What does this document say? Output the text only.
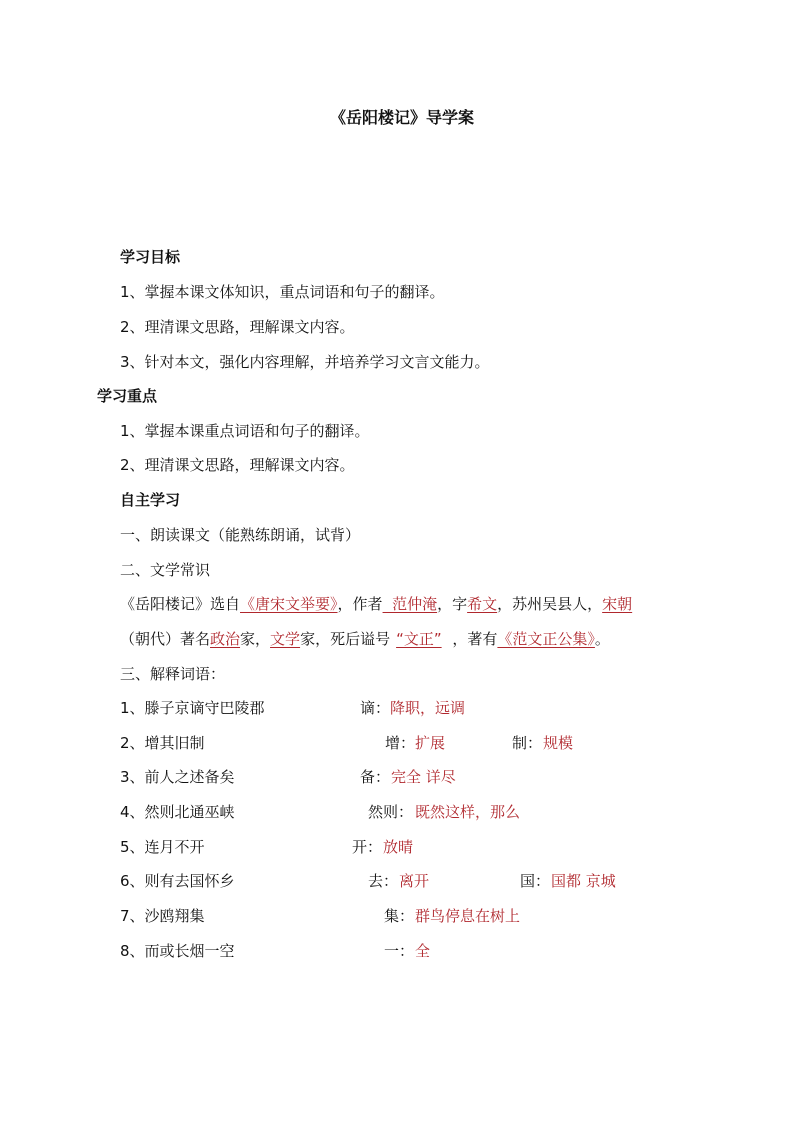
《岳阳楼记》导学案
学习目标
1、掌握本课文体知识，重点词语和句子的翻译。
2、理清课文思路，理解课文内容。
3、针对本文，强化内容理解，并培养学习文言文能力。
学习重点
1、掌握本课重点词语和句子的翻译。
2、理清课文思路，理解课文内容。
自主学习
一、朗读课文（能熟练朗诵，试背）
二、文学常识
《岳阳楼记》选自《唐宋文举要》，作者  范仲淹，字希文，苏州吴县人，宋朝
（朝代）著名政治家，文学家，死后谥号 “文正” ，著有《范文正公集》。
三、解释词语：
1、滕子京谪守巴陵郡	谪： 降职，远调
2、增其旧制	增： 扩展	制： 规模
3、前人之述备矣	备： 完全 详尽
4、然则北通巫峡	然则： 既然这样，那么
5、连月不开	开： 放晴
6、则有去国怀乡	去： 离开	国： 国都 京城
7、沙鸥翔集	集： 群鸟停息在树上
8、而或长烟一空	一： 全
